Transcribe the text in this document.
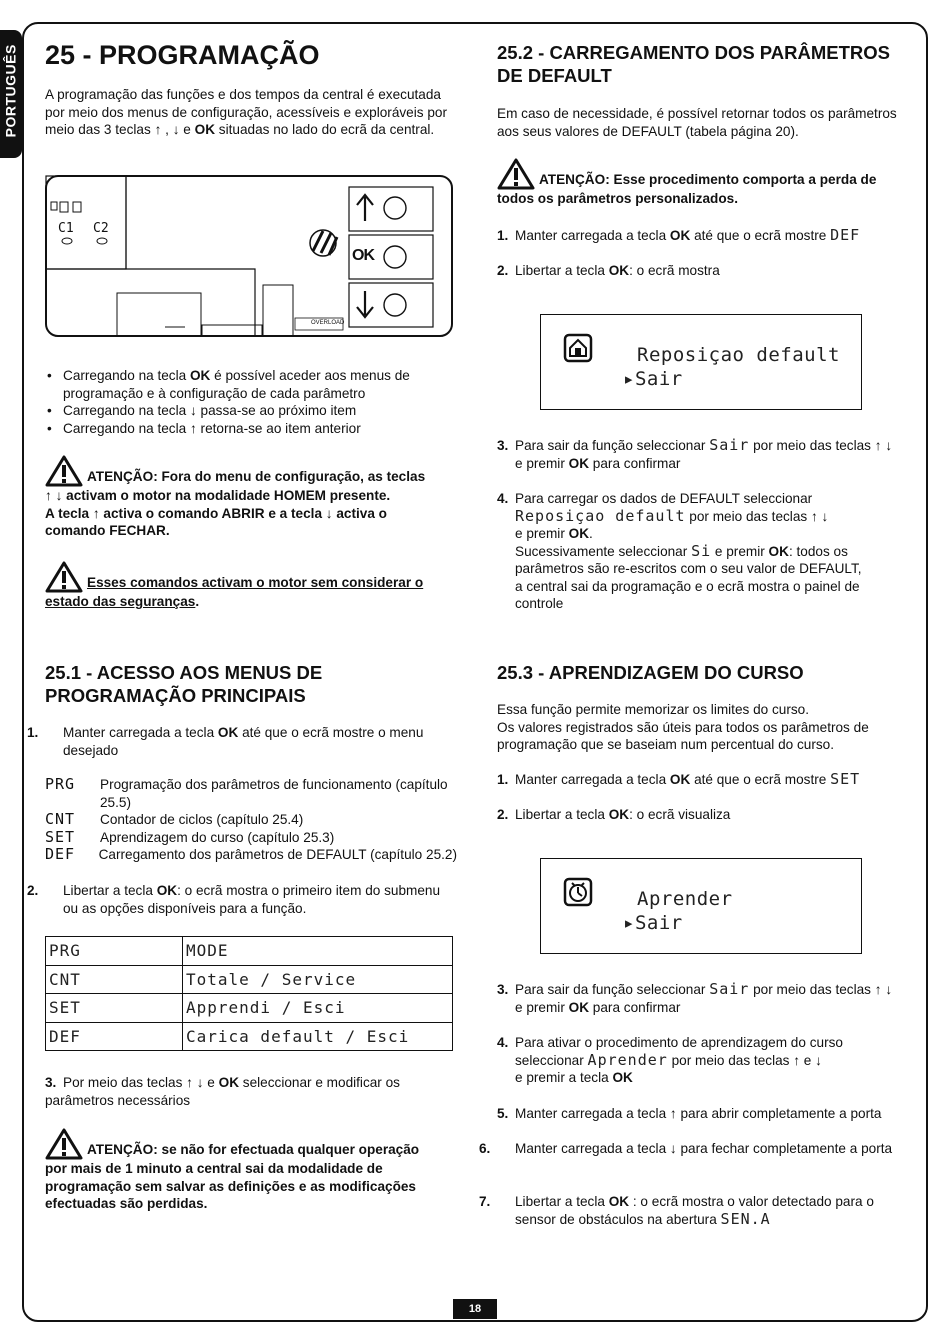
PORTUGUÊS 25 - PROGRAMAÇÃO

A programação das funções e dos tempos da central é executada por meio dos menus de configuração, acessíveis e exploráveis por meio das 3 teclas ↑ , ↓ e OK situadas no lado do ecrã da central.

C1 C2
OK
OVERLOAD
• Carregando na tecla OK é possível aceder aos menus de programação e à configuração de cada parâmetro
• Carregando na tecla ↓ passa-se ao próximo item
• Carregando na tecla ↑ retorna-se ao item anterior
ATENÇÃO: Fora do menu de configuração, as teclas
↑ ↓ activam o motor na modalidade HOMEM presente.
A tecla ↑ activa o comando ABRIR e a tecla ↓ activa o
comando FECHAR.
Esses comandos activam o motor sem considerar o
estado das seguranças.
25.1 - ACESSO AOS MENUS DE
PROGRAMAÇÃO PRINCIPAIS

1. Manter carregada a tecla OK até que o ecrã mostre o menu desejado

PRG	Programação dos parâmetros de funcionamento (capítulo 25.5)
CNT	Contador de ciclos (capítulo 25.4)
SET	Aprendizagem do curso (capítulo 25.3)
DEF	Carregamento dos parâmetros de DEFAULT (capítulo 25.2)

2. Libertar a tecla OK: o ecrã mostra o primeiro item do submenu ou as opções disponíveis para a função.

PRG	MODE
CNT	Totale / Service
SET	Apprendi / Esci
DEF	Carica default / Esci

3. Por meio das teclas ↑ ↓ e OK seleccionar e modificar os parâmetros necessários

ATENÇÃO: se não for efectuada qualquer operação
por mais de 1 minuto a central sai da modalidade de
programação sem salvar as definições e as modificações
efectuadas são perdidas.
25.2 - CARREGAMENTO DOS PARÂMETROS
DE DEFAULT

Em caso de necessidade, é possível retornar todos os parâmetros aos seus valores de DEFAULT (tabela página 20).

ATENÇÃO: Esse procedimento comporta a perda de
todos os parâmetros personalizados.

1. Manter carregada a tecla OK até que o ecrã mostre DEF

2. Libertar a tecla OK: o ecrã mostra

Reposiçao default
▸Sair
3. Para sair da função seleccionar Sair por meio das teclas ↑ ↓
e premir OK para confirmar
4. Para carregar os dados de DEFAULT seleccionar
Reposiçao default por meio das teclas ↑ ↓
e premir OK.
Sucessivamente seleccionar Si e premir OK: todos os
parâmetros são re-escritos com o seu valor de DEFAULT,
a central sai da programação e o ecrã mostra o painel de
controle
25.3 - APRENDIZAGEM DO CURSO
Essa função permite memorizar os limites do curso.
Os valores registrados são úteis para todos os parâmetros de programação que se baseiam num percentual do curso.

1. Manter carregada a tecla OK até que o ecrã mostre SET

2. Libertar a tecla OK: o ecrã visualiza

Aprender
▸Sair
3. Para sair da função seleccionar Sair por meio das teclas ↑ ↓
e premir OK para confirmar
4. Para ativar o procedimento de aprendizagem do curso
seleccionar Aprender por meio das teclas ↑ e ↓
e premir a tecla OK

5. Manter carregada a tecla ↑ para abrir completamente a porta

6. Manter carregada a tecla ↓ para fechar completamente a porta

7. Libertar a tecla OK : o ecrã mostra o valor detectado para o sensor de obstáculos na abertura SEN.A

18
